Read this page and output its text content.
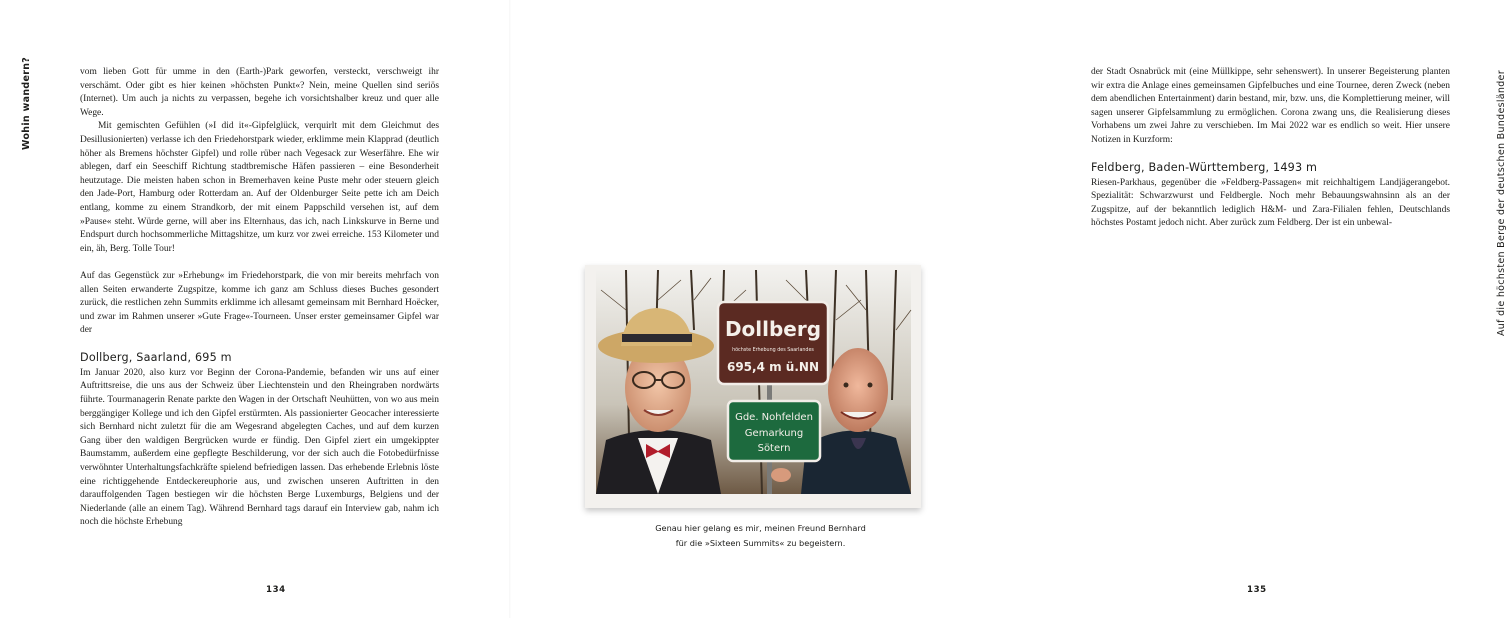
Wohin wandern?	vom lieben Gott für umme in den (Earth-)Park geworfen, versteckt, verschweigt ihr verschämt. Oder gibt es hier keinen »höchsten Punkt«? Nein, meine Quellen sind seriös (Internet). Um auch ja nichts zu verpassen, begehe ich vorsichtshalber kreuz und quer alle Wege.

Mit gemischten Gefühlen (»I did it«-Gipfelglück, verquirlt mit dem Gleichmut des Desillusionierten) verlasse ich den Friedehorstpark wieder, erklimme mein Klapprad (deutlich höher als Bremens höchster Gipfel) und rolle rüber nach Vegesack zur Weserfähre. Ehe wir ablegen, darf ein Seeschiff Richtung stadtbremische Häfen passieren – eine Besonderheit heutzutage. Die meisten haben schon in Bremerhaven keine Puste mehr oder steuern gleich den Jade-Port, Hamburg oder Rotterdam an. Auf der Oldenburger Seite pette ich am Deich entlang, komme zu einem Strandkorb, der mit einem Pappschild versehen ist, auf dem »Pause« steht. Würde gerne, will aber ins Elternhaus, das ich, nach Linkskurve in Berne und Endspurt durch hochsommerliche Mittagshitze, um kurz vor zwei erreiche. 153 Kilometer und ein, äh, Berg. Tolle Tour!

Auf das Gegenstück zur »Erhebung« im Friedehorstpark, die von mir bereits mehrfach von allen Seiten erwanderte Zugspitze, komme ich ganz am Schluss dieses Buches gesondert zurück, die restlichen zehn Summits erklimme ich allesamt gemeinsam mit Bernhard Hoëcker, und zwar im Rahmen unserer »Gute Frage«-Tourneen. Unser erster gemeinsamer Gipfel war der

Dollberg, Saarland, 695 m

Im Januar 2020, also kurz vor Beginn der Corona-Pandemie, befanden wir uns auf einer Auftrittsreise, die uns aus der Schweiz über Liechtenstein und den Rheingraben nordwärts führte. Tourmanagerin Renate parkte den Wagen in der Ortschaft Neuhütten, von wo aus mein berggängiger Kollege und ich den Gipfel erstürmten. Als passionierter Geocacher interessierte sich Bernhard nicht zuletzt für die am Wegesrand abgelegten Caches, und auf dem kurzen Gang über den waldigen Bergrücken wurde er fündig. Den Gipfel ziert ein umgekippter Baumstamm, außerdem eine gepflegte Beschilderung, vor der sich auch die Fotobedürfnisse verwöhnter Unterhaltungsfachkräfte spielend befriedigen lassen. Das erhebende Erlebnis löste eine richtiggehende Entdeckereuphorie aus, und zwischen unseren Auftritten in den darauffolgenden Tagen bestiegen wir die höchsten Berge Luxemburgs, Belgiens und der Niederlande (alle an einem Tag). Während Bernhard tags darauf ein Interview gab, nahm ich noch die höchste Erhebung

134

der Stadt Osnabrück mit (eine Müllkippe, sehr sehenswert). In unserer Begeisterung planten wir extra die Anlage eines gemeinsamen Gipfelbuches und eine Tournee, deren Zweck (neben dem abendlichen Entertainment) darin bestand, mir, bzw. uns, die Komplettierung meiner, will sagen unserer Gipfelsammlung zu ermöglichen. Corona zwang uns, die Realisierung dieses Vorhabens um zwei Jahre zu verschieben. Im Mai 2022 war es endlich so weit. Hier unsere Notizen in Kurzform:

Feldberg, Baden-Württemberg, 1493 m

Riesen-Parkhaus, gegenüber die »Feldberg-Passagen« mit reichhaltigem Landjägerangebot. Spezialität: Schwarzwurst und Feldbergle. Noch mehr Bebauungswahnsinn als an der Zugspitze, auf der bekanntlich lediglich H&M- und Zara-Filialen fehlen, Deutschlands höchstes Postamt jedoch nicht. Aber zurück zum Feldberg. Der ist ein unbewal-	Auf die höchsten Berge der deutschen Bundesländer
135
Dollberg
höchste Erhebung des Saarlandes
695,4 m ü.NN
Gde. Nohfelden
Gemarkung
Sötern
Genau hier gelang es mir, meinen Freund Bernhard
für die »Sixteen Summits« zu begeistern.
